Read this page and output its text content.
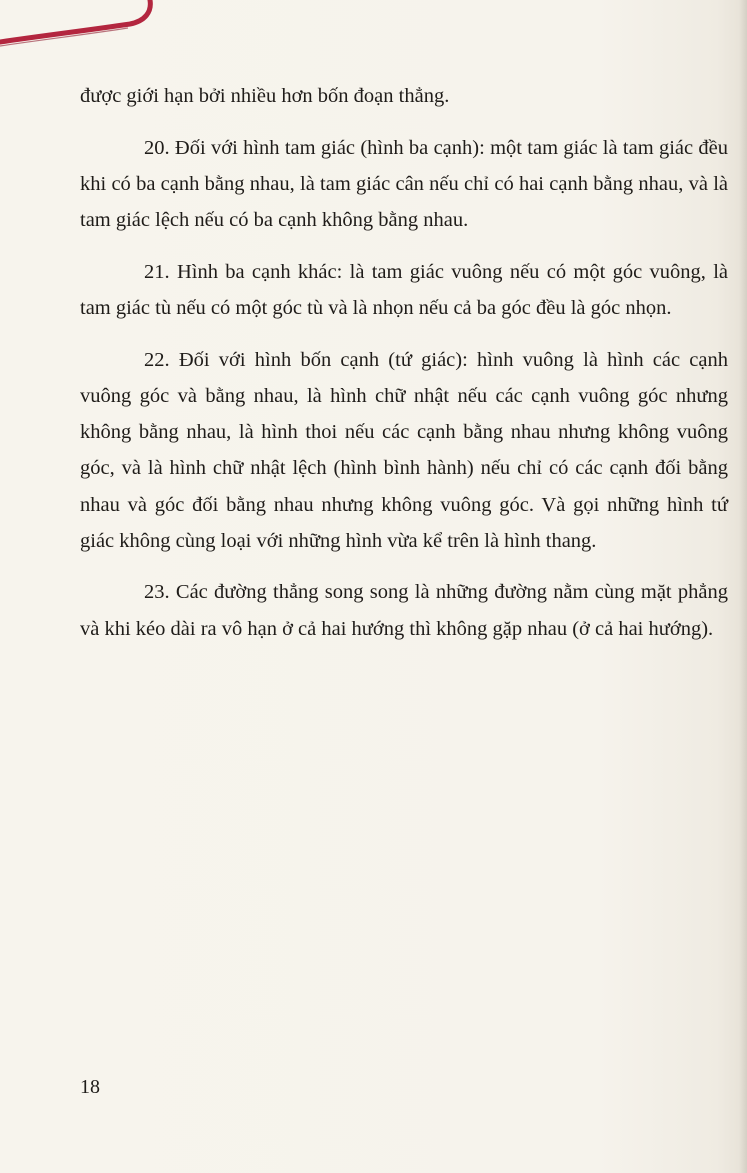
được giới hạn bởi nhiều hơn bốn đoạn thẳng.

20. Đối với hình tam giác (hình ba cạnh): một tam giác là tam giác đều khi có ba cạnh bằng nhau, là tam giác cân nếu chỉ có hai cạnh bằng nhau, và là tam giác lệch nếu có ba cạnh không bằng nhau.

21. Hình ba cạnh khác: là tam giác vuông nếu có một góc vuông, là tam giác tù nếu có một góc tù và là nhọn nếu cả ba góc đều là góc nhọn.

22. Đối với hình bốn cạnh (tứ giác): hình vuông là hình các cạnh vuông góc và bằng nhau, là hình chữ nhật nếu các cạnh vuông góc nhưng không bằng nhau, là hình thoi nếu các cạnh bằng nhau nhưng không vuông góc, và là hình chữ nhật lệch (hình bình hành) nếu chỉ có các cạnh đối bằng nhau và góc đối bằng nhau nhưng không vuông góc. Và gọi những hình tứ giác không cùng loại với những hình vừa kể trên là hình thang.

23. Các đường thẳng song song là những đường nằm cùng mặt phẳng và khi kéo dài ra vô hạn ở cả hai hướng thì không gặp nhau (ở cả hai hướng).

18
